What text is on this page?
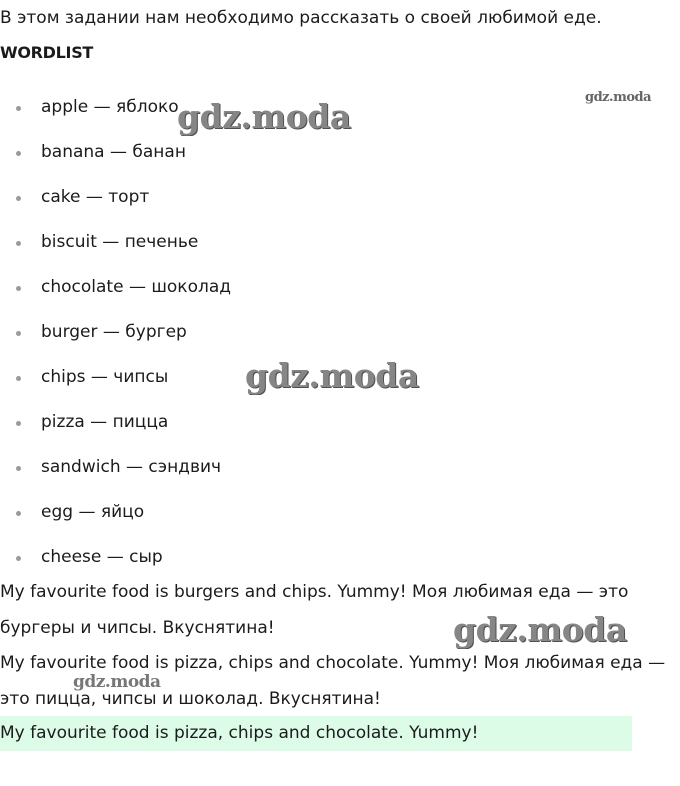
В этом задании нам необходимо рассказать о своей любимой еде.
WORDLIST
apple — яблоко
banana — банан
cake — торт
biscuit — печенье
chocolate — шоколад
burger — бургер
chips — чипсы
pizza — пицца
sandwich — сэндвич
egg — яйцо
cheese — сыр

My favourite food is burgers and chips. Yummy! Моя любимая еда — это бургеры и чипсы. Вкуснятина!

My favourite food is pizza, chips and chocolate. Yummy! Моя любимая еда — это пицца, чипсы и шоколад. Вкуснятина!

My favourite food is pizza, chips and chocolate. Yummy!

gdz.moda	gdz.moda
gdz.moda
gdz.moda
gdz.moda
